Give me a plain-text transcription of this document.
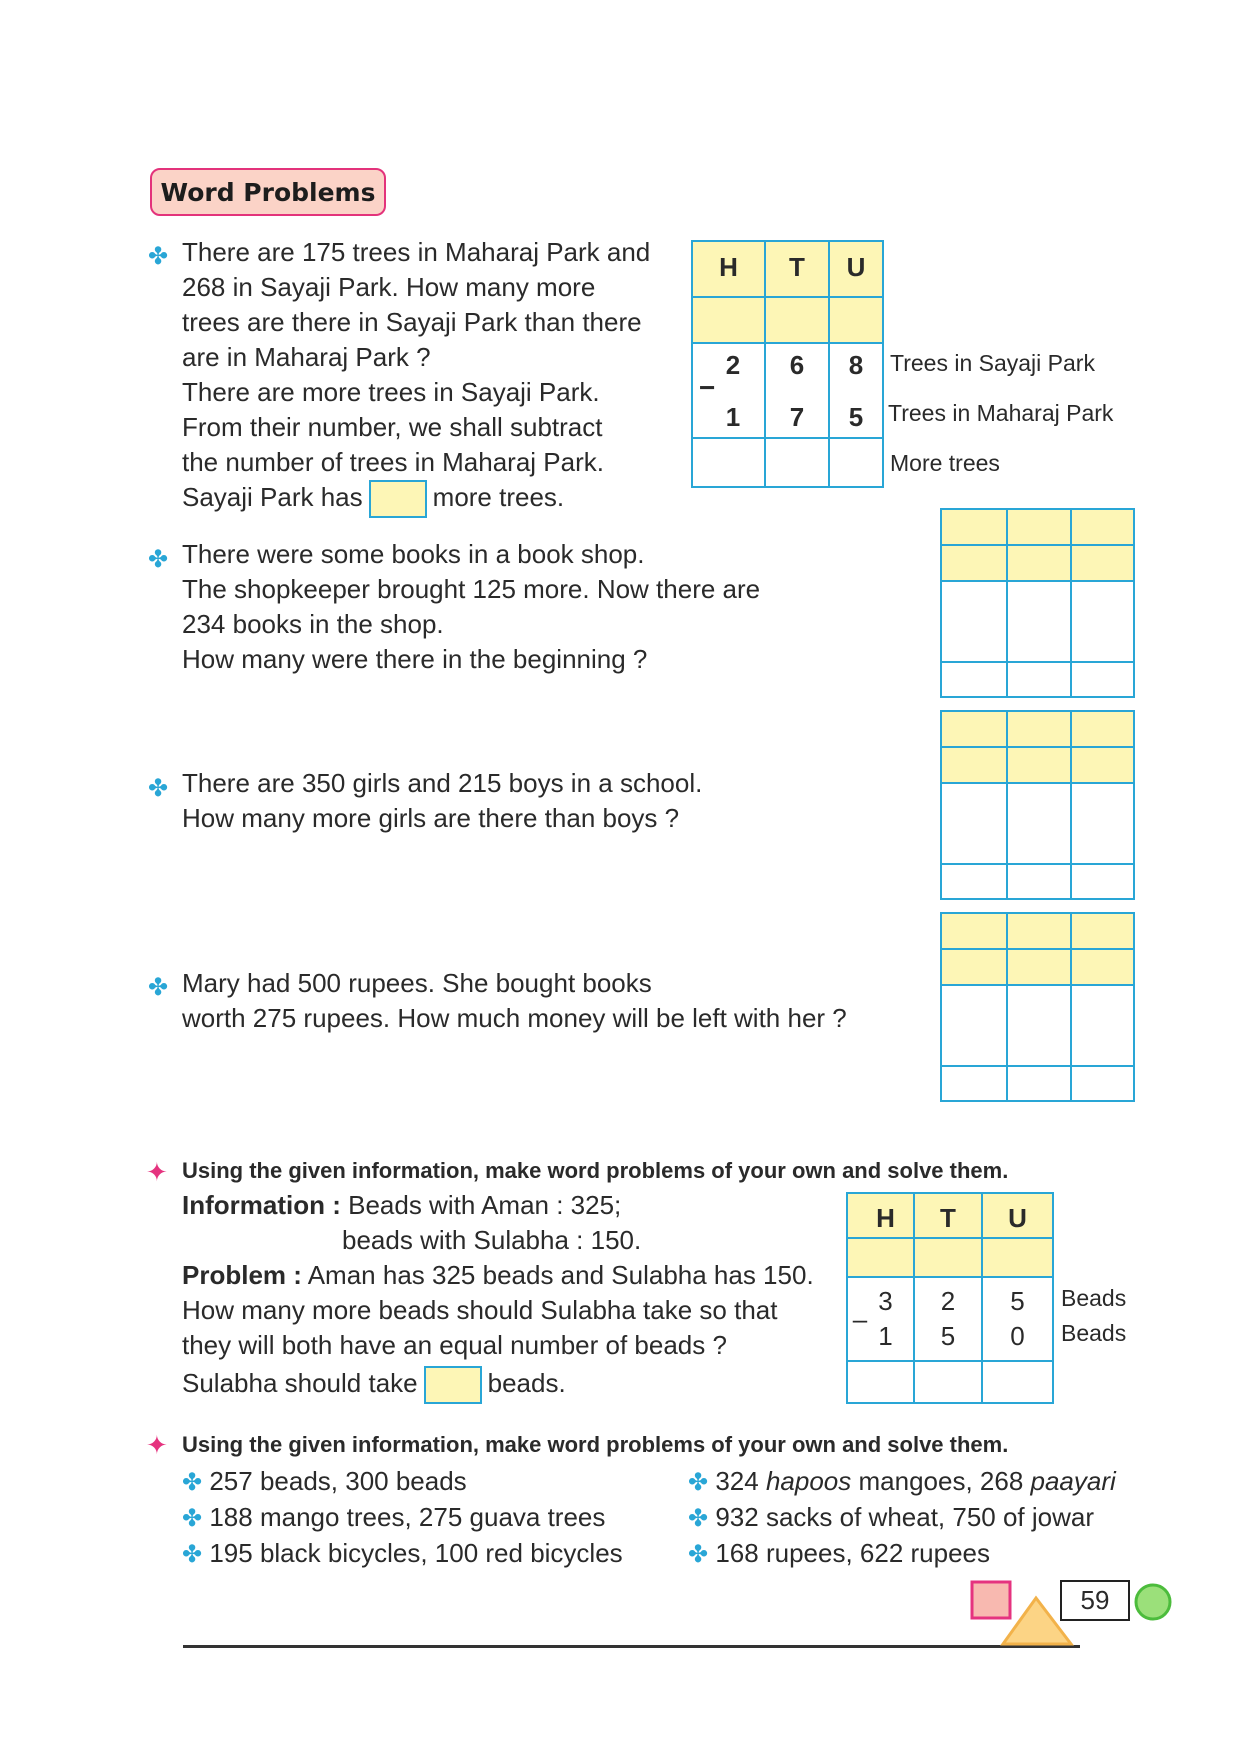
Word Problems
✤ There are 175 trees in Maharaj Park and
268 in Sayaji Park. How many more
trees are there in Sayaji Park than there
are in Maharaj Park ?
There are more trees in Sayaji Park.
From their number, we shall subtract
the number of trees in Maharaj Park.
Sayaji Park has	more trees.
H	T	U
2	6	8
1	7	5
−
Trees in Sayaji Park
Trees in Maharaj Park
More trees
✤ There were some books in a book shop.
The shopkeeper brought 125 more. Now there are
234 books in the shop.
How many were there in the beginning ?
✤ There are 350 girls and 215 boys in a school.
How many more girls are there than boys ?
✤ Mary had 500 rupees. She bought books
worth 275 rupees. How much money will be left with her ?
✦ Using the given information, make word problems of your own and solve them.
Information : Beads with Aman : 325;
beads with Sulabha : 150.
Problem : Aman has 325 beads and Sulabha has 150.
How many more beads should Sulabha take so that
they will both have an equal number of beads ?
Sulabha should take	beads.
H	T	U
3	2	5
1	5	0
–
Beads
Beads
✦ Using the given information, make word problems of your own and solve them.
✤ 257 beads, 300 beads
✤ 188 mango trees, 275 guava trees
✤ 195 black bicycles, 100 red bicycles
✤ 324 hapoos mangoes, 268 paayari
✤ 932 sacks of wheat, 750 of jowar
✤ 168 rupees, 622 rupees
59
